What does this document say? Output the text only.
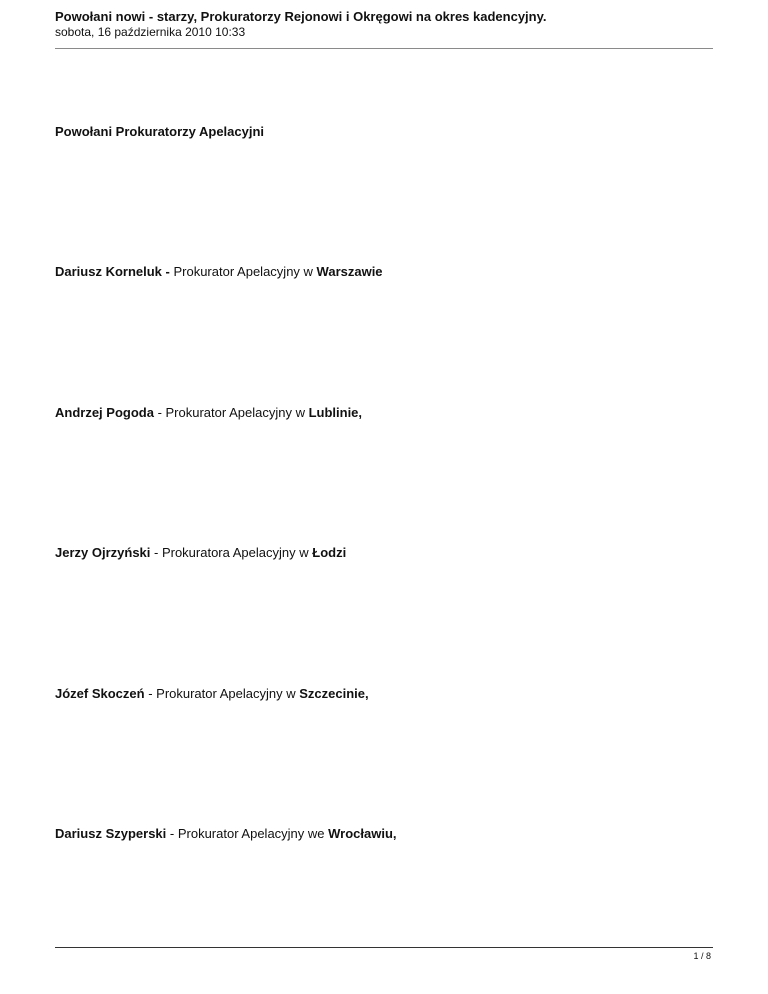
Powołani nowi - starzy, Prokuratorzy Rejonowi i Okręgowi na okres kadencyjny.
sobota, 16 października 2010 10:33
Powołani Prokuratorzy Apelacyjni
Dariusz Korneluk - Prokurator Apelacyjny w Warszawie
Andrzej Pogoda - Prokurator Apelacyjny w Lublinie,
Jerzy Ojrzyński - Prokuratora Apelacyjny w Łodzi
Józef Skoczeń - Prokurator Apelacyjny w Szczecinie,
Dariusz Szyperski - Prokurator Apelacyjny we Wrocławiu,
1 / 8
